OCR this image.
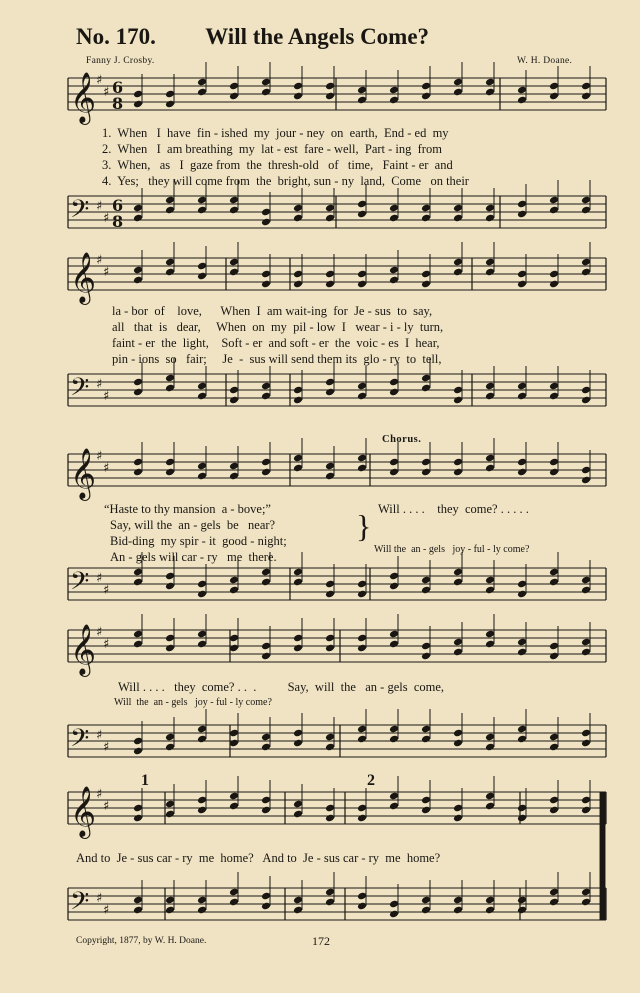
No. 170. Will the Angels Come?
Fanny J. Crosby.	W. H. Doane.
𝄞 ♯
♯ 6
8
𝄢 ♯
♯
6
8
𝄞 ♯
♯
𝄢 ♯
♯
𝄞 ♯
♯
𝄢 ♯
♯
𝄞 ♯
♯
𝄢 ♯
♯
𝄞 ♯
♯
𝄢 ♯
♯
1.  When   I  have  fin - ished  my  jour - ney  on  earth,  End - ed  my
2.  When   I  am breathing  my  lat - est  fare - well,  Part - ing  from
3.  When,   as   I  gaze from  the  thresh-old   of   time,   Faint - er  and
4.  Yes;   they will come from  the  bright, sun - ny  land,  Come   on their
la - bor  of    love,      When  I  am wait-ing  for  Je - sus  to  say,
all   that  is   dear,     When  on  my  pil - low  I   wear - i - ly  turn,
faint - er  the  light,    Soft - er  and soft - er  the  voic - es  I  hear,
pin - ions  so   fair;     Je  -  sus will send them its  glo - ry  to  tell,
Chorus.
“Haste to thy mansion  a - bove;”
Say, will the  an - gels  be   near?
Bid-ding  my spir - it  good - night;
An - gels will car - ry   me  there.
} Will . . . .    they  come? . . . . .
Will the  an - gels   joy - ful - ly come?
Will . . . .   they  come? . .  .          Say,  will  the   an - gels  come,
Will  the  an - gels   joy - ful - ly come?
1	2
And to  Je - sus car - ry  me  home?   And to  Je - sus car - ry  me  home?
Copyright, 1877, by W. H. Doane.	172
